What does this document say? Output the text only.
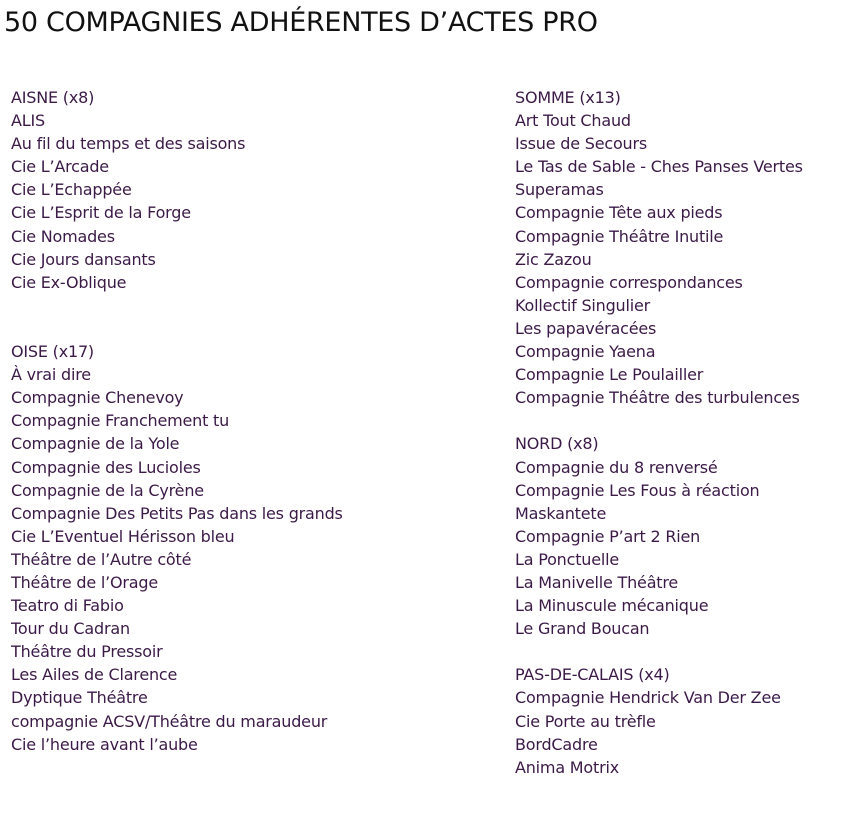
50 COMPAGNIES ADHÉRENTES D’ACTES PRO
AISNE (x8)
ALIS
Au fil du temps et des saisons
Cie L’Arcade
Cie L’Echappée
Cie L’Esprit de la Forge
Cie Nomades
Cie Jours dansants
Cie Ex-Oblique
OISE (x17)
À vrai dire
Compagnie Chenevoy
Compagnie Franchement tu
Compagnie de la Yole
Compagnie des Lucioles
Compagnie de la Cyrène
Compagnie Des Petits Pas dans les grands
Cie L’Eventuel Hérisson bleu
Théâtre de l’Autre côté
Théâtre de l’Orage
Teatro di Fabio
Tour du Cadran
Théâtre du Pressoir
Les Ailes de Clarence
Dyptique Théâtre
compagnie ACSV/Théâtre du maraudeur
Cie l’heure avant l’aube
SOMME (x13)
Art Tout Chaud
Issue de Secours
Le Tas de Sable - Ches Panses Vertes
Superamas
Compagnie Tête aux pieds
Compagnie Théâtre Inutile
Zic Zazou
Compagnie correspondances
Kollectif Singulier
Les papavéracées
Compagnie Yaena
Compagnie Le Poulailler
Compagnie Théâtre des turbulences
NORD (x8)
Compagnie du 8 renversé
Compagnie Les Fous à réaction
Maskantete
Compagnie P’art 2 Rien
La Ponctuelle
La Manivelle Théâtre
La Minuscule mécanique
Le Grand Boucan
PAS-DE-CALAIS (x4)
Compagnie Hendrick Van Der Zee
Cie Porte au trèfle
BordCadre
Anima Motrix
